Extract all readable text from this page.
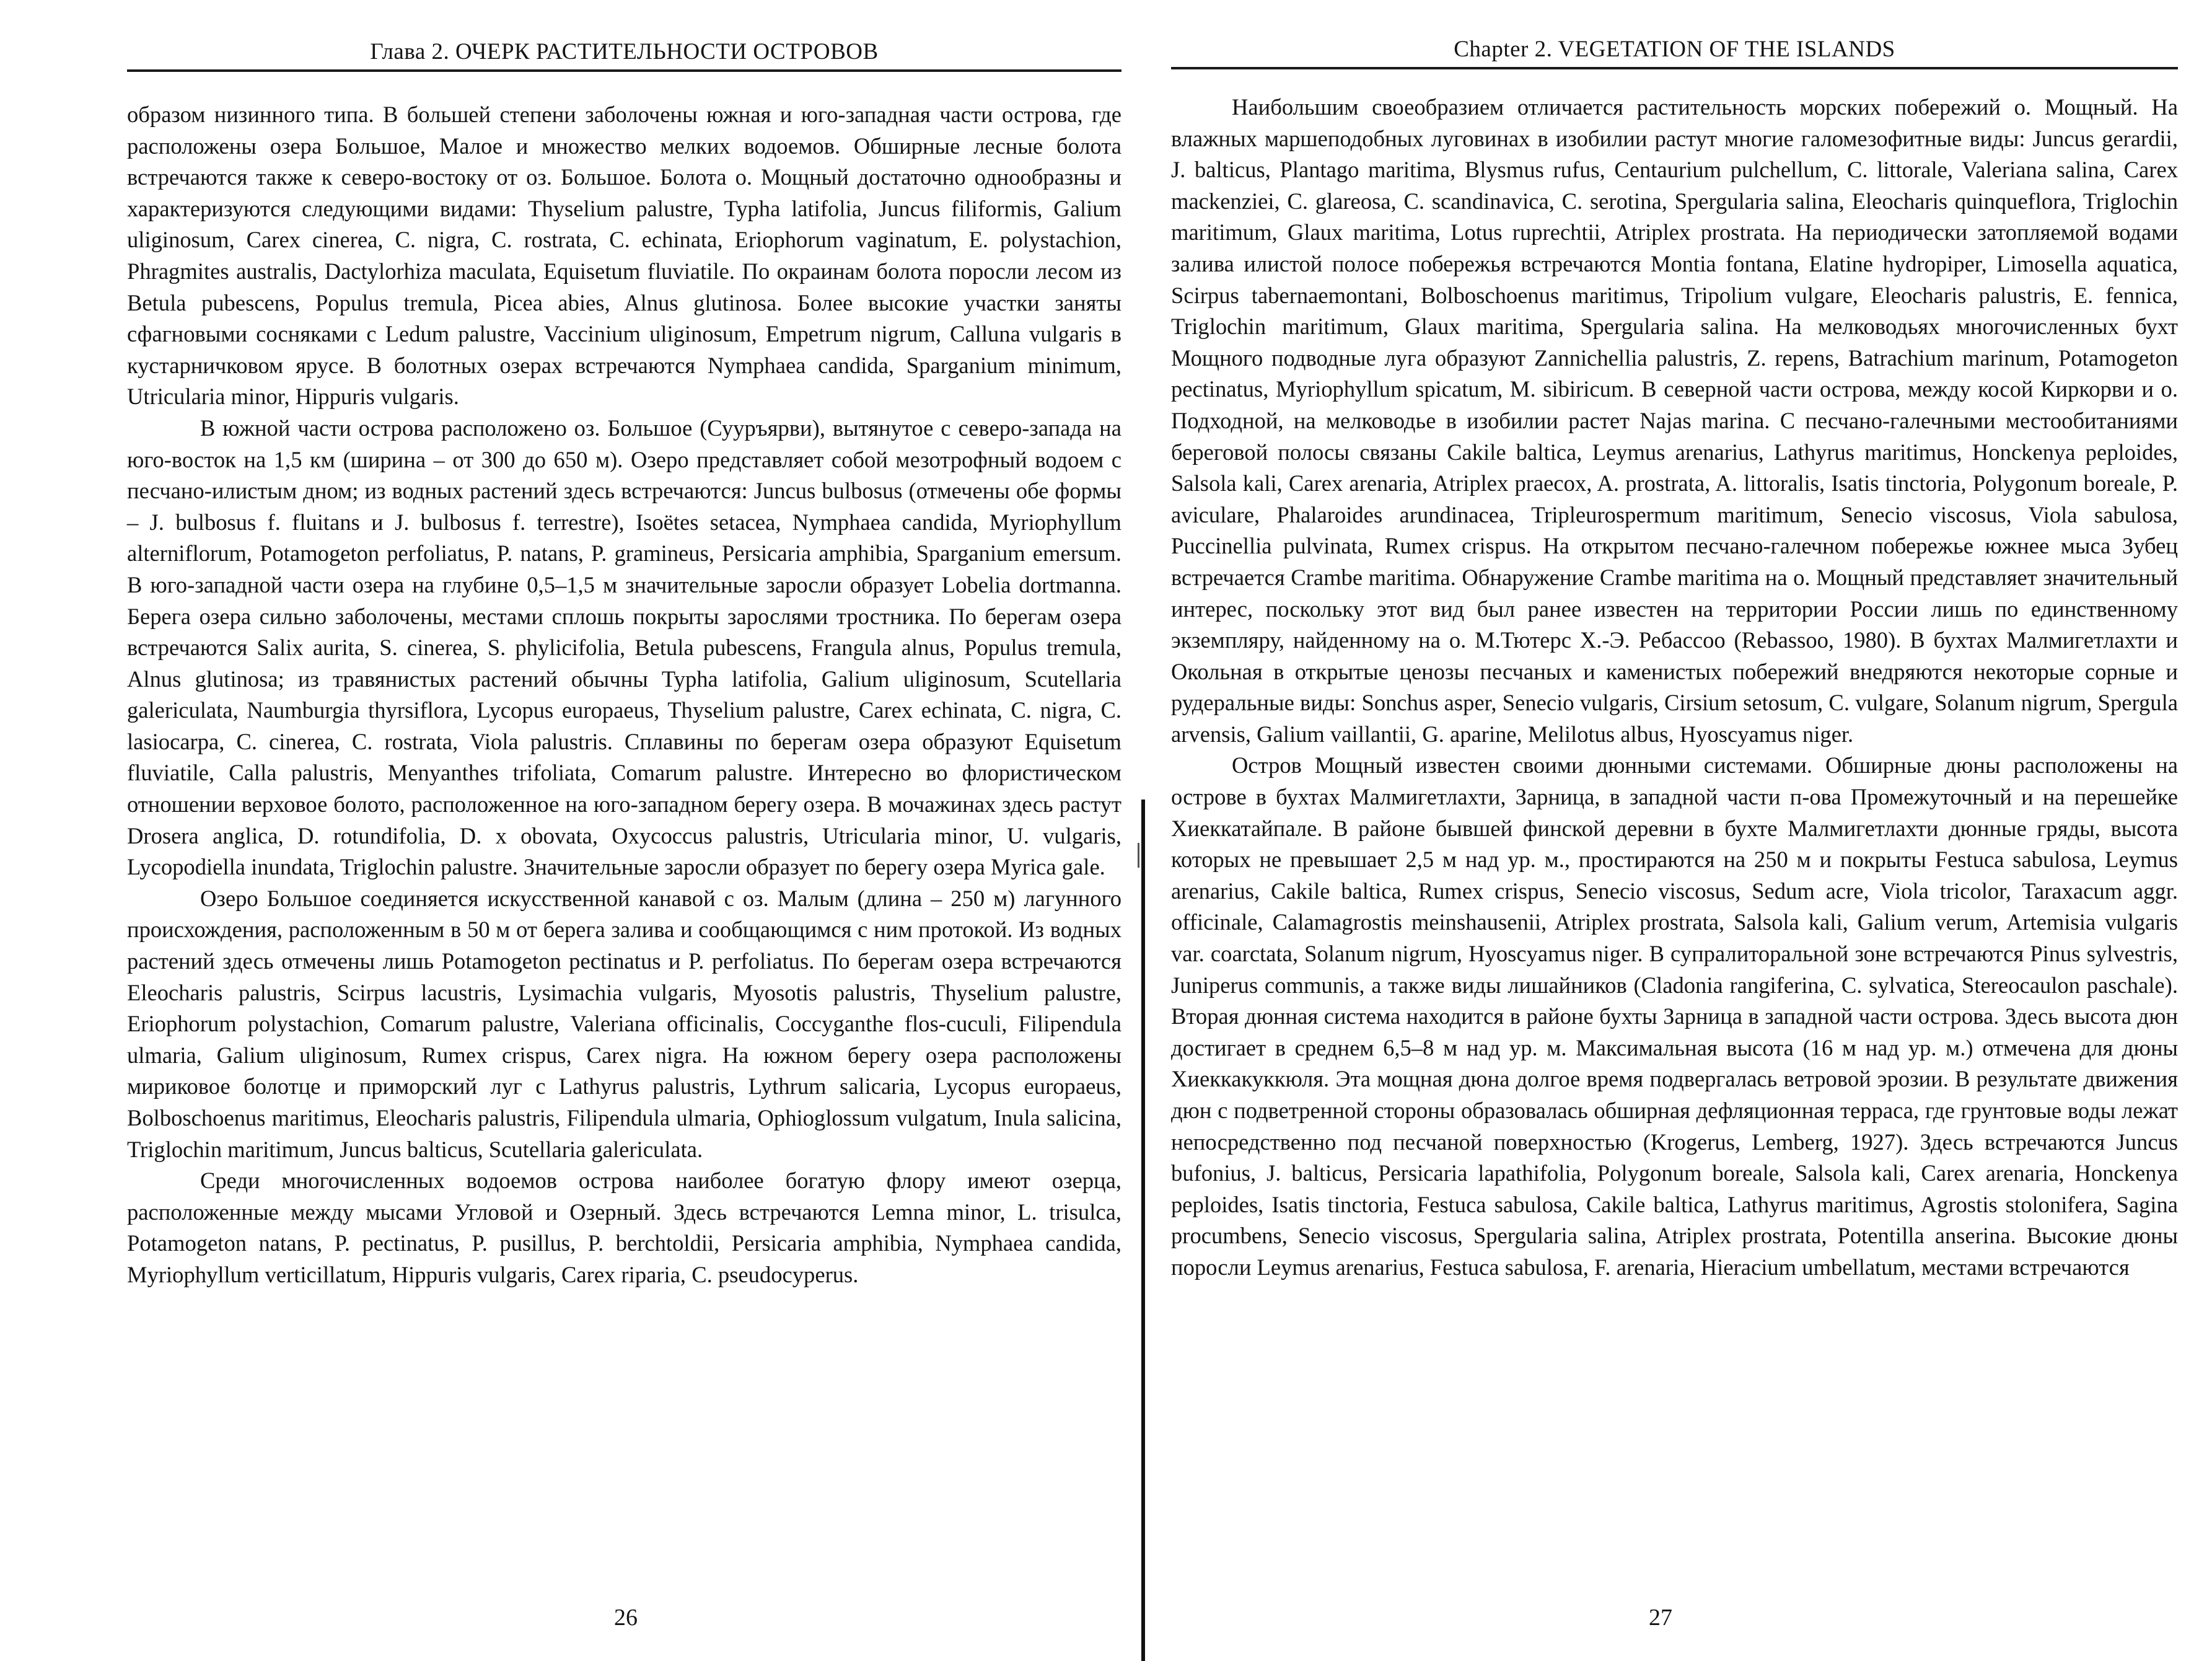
Глава 2. ОЧЕРК РАСТИТЕЛЬНОСТИ ОСТРОВОВ

образом низинного типа. В большей степени заболочены южная и юго-западная части острова, где расположены озера Большое, Малое и множество мелких водоемов. Обширные лесные болота встречаются также к северо-востоку от оз. Большое. Болота о. Мощный достаточно однообразны и характеризуются следующими видами: Thyselium palustre, Typha latifolia, Juncus filiformis, Galium uliginosum, Carex cinerea, C. nigra, C. rostrata, C. echinata, Eriophorum vaginatum, E. polystachion, Phragmites australis, Dactylorhiza maculata, Equisetum fluviatile. По окраинам болота поросли лесом из Betula pubescens, Populus tremula, Picea abies, Alnus glutinosa. Более высокие участки заняты сфагновыми сосняками с Ledum palustre, Vaccinium uliginosum, Empetrum nigrum, Calluna vulgaris в кустарничковом ярусе. В болотных озерах встречаются Nymphaea candida, Sparganium minimum, Utricularia minor, Hippuris vulgaris.

В южной части острова расположено оз. Большое (Сууръярви), вытянутое с северо-запада на юго-восток на 1,5 км (ширина – от 300 до 650 м). Озеро представляет собой мезотрофный водоем с песчано-илистым дном; из водных растений здесь встречаются: Juncus bulbosus (отмечены обе формы – J. bulbosus f. fluitans и J. bulbosus f. terrestre), Isoëtes setacea, Nymphaea candida, Myriophyllum alterniflorum, Potamogeton perfoliatus, P. natans, P. gramineus, Persicaria amphibia, Sparganium emersum. В юго-западной части озера на глубине 0,5–1,5 м значительные заросли образует Lobelia dortmanna. Берега озера сильно заболочены, местами сплошь покрыты зарослями тростника. По берегам озера встречаются Salix aurita, S. cinerea, S. phylicifolia, Betula pubescens, Frangula alnus, Populus tremula, Alnus glutinosa; из травянистых растений обычны Typha latifolia, Galium uliginosum, Scutellaria galericulata, Naumburgia thyrsiflora, Lycopus europaeus, Thyselium palustre, Carex echinata, C. nigra, C. lasiocarpa, C. cinerea, C. rostrata, Viola palustris. Сплавины по берегам озера образуют Equisetum fluviatile, Calla palustris, Menyanthes trifoliata, Comarum palustre. Интересно во флористическом отношении верховое болото, расположенное на юго-западном берегу озера. В мочажинах здесь растут Drosera anglica, D. rotundifolia, D. x obovata, Oxycoccus palustris, Utricularia minor, U. vulgaris, Lycopodiella inundata, Triglochin palustre. Значительные заросли образует по берегу озера Myrica gale.

Озеро Большое соединяется искусственной канавой с оз. Малым (длина – 250 м) лагунного происхождения, расположенным в 50 м от берега залива и сообщающимся с ним протокой. Из водных растений здесь отмечены лишь Potamogeton pectinatus и P. perfoliatus. По берегам озера встречаются Eleocharis palustris, Scirpus lacustris, Lysimachia vulgaris, Myosotis palustris, Thyselium palustre, Eriophorum polystachion, Comarum palustre, Valeriana officinalis, Coccyganthe flos-cuculi, Filipendula ulmaria, Galium uliginosum, Rumex crispus, Carex nigra. На южном берегу озера расположены мириковое болотце и приморский луг с Lathyrus palustris, Lythrum salicaria, Lycopus europaeus, Bolboschoenus maritimus, Eleocharis palustris, Filipendula ulmaria, Ophioglossum vulgatum, Inula salicina, Triglochin maritimum, Juncus balticus, Scutellaria galericulata.

Среди многочисленных водоемов острова наиболее богатую флору имеют озерца, расположенные между мысами Угловой и Озерный. Здесь встречаются Lemna minor, L. trisulca, Potamogeton natans, P. pectinatus, P. pusillus, P. berchtoldii, Persicaria amphibia, Nymphaea candida, Myriophyllum verticillatum, Hippuris vulgaris, Carex riparia, C. pseudocyperus.

26
Chapter 2. VEGETATION OF THE ISLANDS

Наибольшим своеобразием отличается растительность морских побережий о. Мощный. На влажных маршеподобных луговинах в изобилии растут многие галомезофитные виды: Juncus gerardii, J. balticus, Plantago maritima, Blysmus rufus, Centaurium pulchellum, C. littorale, Valeriana salina, Carex mackenziei, C. glareosa, C. scandinavica, C. serotina, Spergularia salina, Eleocharis quinqueflora, Triglochin maritimum, Glaux maritima, Lotus ruprechtii, Atriplex prostrata. На периодически затопляемой водами залива илистой полосе побережья встречаются Montia fontana, Elatine hydropiper, Limosella aquatica, Scirpus tabernaemontani, Bolboschoenus maritimus, Tripolium vulgare, Eleocharis palustris, E. fennica, Triglochin maritimum, Glaux maritima, Spergularia salina. На мелководьях многочисленных бухт Мощного подводные луга образуют Zannichellia palustris, Z. repens, Batrachium marinum, Potamogeton pectinatus, Myriophyllum spicatum, M. sibiricum. В северной части острова, между косой Киркорви и о. Подходной, на мелководье в изобилии растет Najas marina. С песчано-галечными местообитаниями береговой полосы связаны Cakile baltica, Leymus arenarius, Lathyrus maritimus, Honckenya peploides, Salsola kali, Carex arenaria, Atriplex praecox, A. prostrata, A. littoralis, Isatis tinctoria, Polygonum boreale, P. aviculare, Phalaroides arundinacea, Tripleurospermum maritimum, Senecio viscosus, Viola sabulosa, Puccinellia pulvinata, Rumex crispus. На открытом песчано-галечном побережье южнее мыса Зубец встречается Crambe maritima. Обнаружение Crambe maritima на о. Мощный представляет значительный интерес, поскольку этот вид был ранее известен на территории России лишь по единственному экземпляру, найденному на о. М.Тютерс Х.-Э. Ребассоо (Rebassoo, 1980). В бухтах Малмигетлахти и Окольная в открытые ценозы песчаных и каменистых побережий внедряются некоторые сорные и рудеральные виды: Sonchus asper, Senecio vulgaris, Cirsium setosum, C. vulgare, Solanum nigrum, Spergula arvensis, Galium vaillantii, G. aparine, Melilotus albus, Hyoscyamus niger.

Остров Мощный известен своими дюнными системами. Обширные дюны расположены на острове в бухтах Малмигетлахти, Зарница, в западной части п-ова Промежуточный и на перешейке Хиеккатайпале. В районе бывшей финской деревни в бухте Малмигетлахти дюнные гряды, высота которых не превышает 2,5 м над ур. м., простираются на 250 м и покрыты Festuca sabulosa, Leymus arenarius, Cakile baltica, Rumex crispus, Senecio viscosus, Sedum acre, Viola tricolor, Taraxacum aggr. officinale, Calamagrostis meinshausenii, Atriplex prostrata, Salsola kali, Galium verum, Artemisia vulgaris var. coarctata, Solanum nigrum, Hyoscyamus niger. В супралиторальной зоне встречаются Pinus sylvestris, Juniperus communis, а также виды лишайников (Cladonia rangiferina, C. sylvatica, Stereocaulon paschale). Вторая дюнная система находится в районе бухты Зарница в западной части острова. Здесь высота дюн достигает в среднем 6,5–8 м над ур. м. Максимальная высота (16 м над ур. м.) отмечена для дюны Хиеккакуккюля. Эта мощная дюна долгое время подвергалась ветровой эрозии. В результате движения дюн с подветренной стороны образовалась обширная дефляционная терраса, где грунтовые воды лежат непосредственно под песчаной поверхностью (Krogerus, Lemberg, 1927). Здесь встречаются Juncus bufonius, J. balticus, Persicaria lapathifolia, Polygonum boreale, Salsola kali, Carex arenaria, Honckenya peploides, Isatis tinctoria, Festuca sabulosa, Cakile baltica, Lathyrus maritimus, Agrostis stolonifera, Sagina procumbens, Senecio viscosus, Spergularia salina, Atriplex prostrata, Potentilla anserina. Высокие дюны поросли Leymus arenarius, Festuca sabulosa, F. arenaria, Hieracium umbellatum, местами встречаются

27
